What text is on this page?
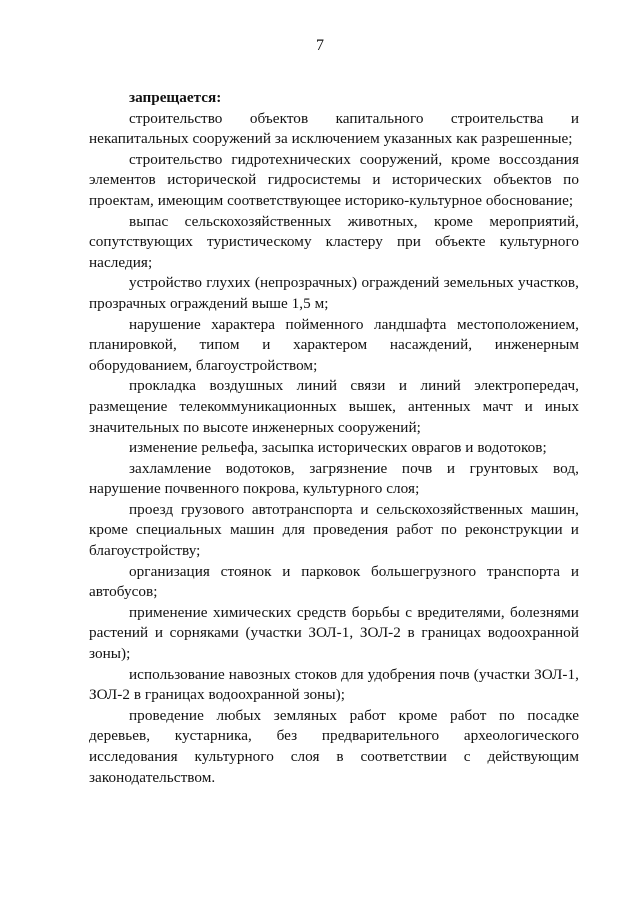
7

запрещается:

строительство объектов капитального строительства и некапитальных сооружений за исключением указанных как разрешенные;

строительство гидротехнических сооружений, кроме воссоздания элементов исторической гидросистемы и исторических объектов по проектам, имеющим соответствующее историко-культурное обоснование;

выпас сельскохозяйственных животных, кроме мероприятий, сопутствующих туристическому кластеру при объекте культурного наследия;

устройство глухих (непрозрачных) ограждений земельных участков, прозрачных ограждений выше 1,5 м;

нарушение характера пойменного ландшафта местоположением, планировкой, типом и характером насаждений, инженерным оборудованием, благоустройством;

прокладка воздушных линий связи и линий электропередач, размещение телекоммуникационных вышек, антенных мачт и иных значительных по высоте инженерных сооружений;

изменение рельефа, засыпка исторических оврагов и водотоков;

захламление водотоков, загрязнение почв и грунтовых вод, нарушение почвенного покрова, культурного слоя;

проезд грузового автотранспорта и сельскохозяйственных машин, кроме специальных машин для проведения работ по реконструкции и благоустройству;

организация стоянок и парковок большегрузного транспорта и автобусов;

применение химических средств борьбы с вредителями, болезнями растений и сорняками (участки ЗОЛ-1, ЗОЛ-2 в границах водоохранной зоны);

использование навозных стоков для удобрения почв (участки ЗОЛ-1, ЗОЛ-2 в границах водоохранной зоны);

проведение любых земляных работ кроме работ по посадке деревьев, кустарника, без предварительного археологического исследования культурного слоя в соответствии с действующим законодательством.
